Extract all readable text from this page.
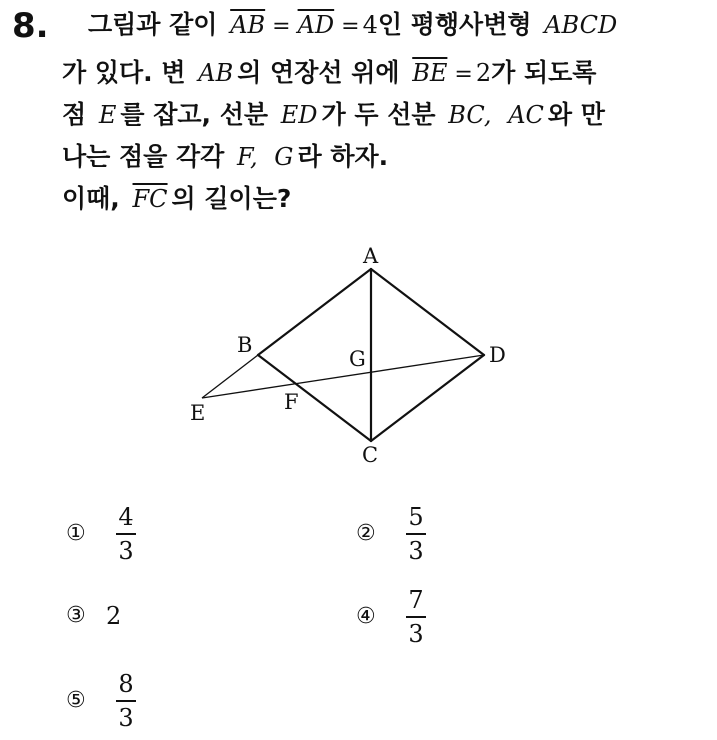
8. 그림과 같이 $\overline{AB} = \overline{AD} = 4$인 평행사변형 ABCD
가 있다. 변 AB 의 연장선 위에 $\overline{BE} = 2$가 되도록
점 E 를 잡고, 선분 ED 가 두 선분 BC, AC 와 만
나는 점을 각각 F, G 라 하자.
이때, $\overline{FC}$ 의 길이는?
A
B
C
D
E	F
G
①	$\frac{4}{3}$	②	$\frac{5}{3}$
③ 2	④	$\frac{7}{3}$
⑤	$\frac{8}{3}$
